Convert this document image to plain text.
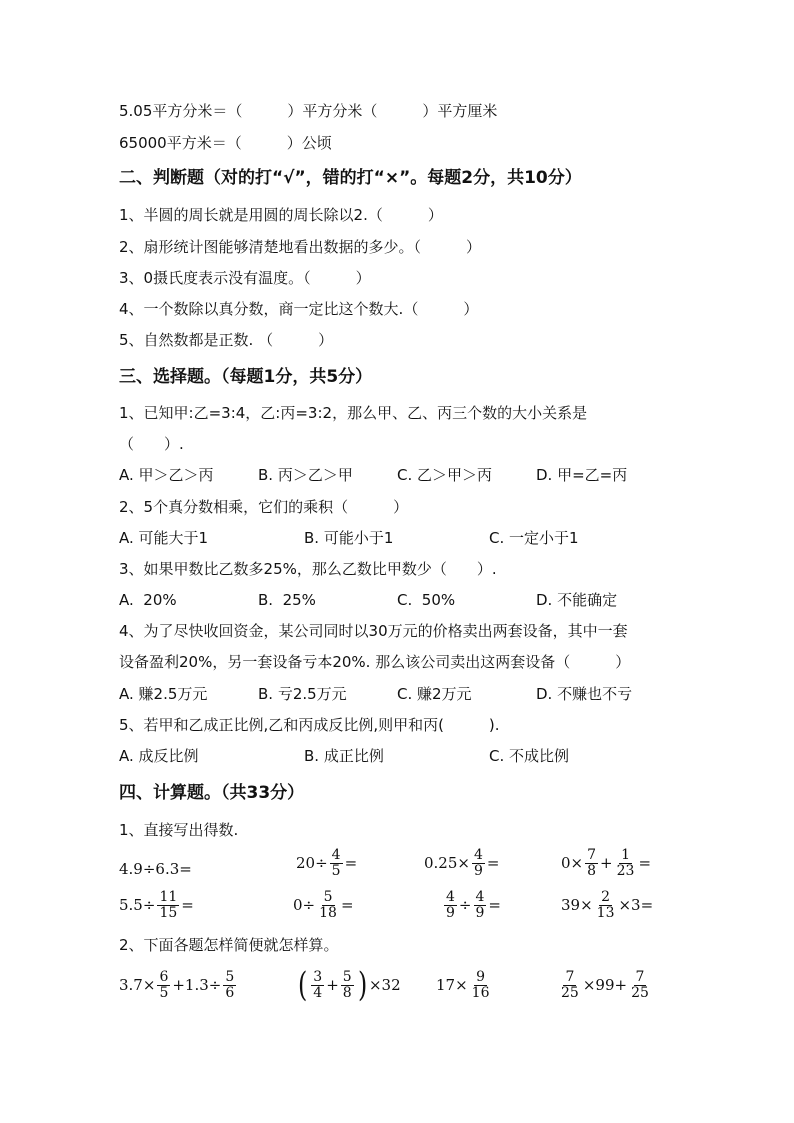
5.05平方分米＝（　　　）平方分米（　　　）平方厘米
65000平方米＝（　　　）公顷
二、判断题（对的打“√”，错的打“×”。每题2分，共10分）
1、半圆的周长就是用圆的周长除以2.（　　　）
2、扇形统计图能够清楚地看出数据的多少。（　　　）
3、0摄氏度表示没有温度。（　　　）
4、一个数除以真分数，商一定比这个数大.（　　　）
5、自然数都是正数. （　　　）
三、选择题。（每题1分，共5分）
1、已知甲:乙=3:4，乙:丙=3:2，那么甲、乙、丙三个数的大小关系是
（　　）.
A. 甲＞乙＞丙	B. 丙＞乙＞甲	C. 乙＞甲＞丙	D. 甲=乙=丙
2、5个真分数相乘，它们的乘积（　　　）
A. 可能大于1	B. 可能小于1	C. 一定小于1
3、如果甲数比乙数多25%，那么乙数比甲数少（　　）.
A.  20%	B.  25%	C.  50%	D. 不能确定
4、为了尽快收回资金，某公司同时以30万元的价格卖出两套设备，其中一套
设备盈利20%，另一套设备亏本20%. 那么该公司卖出这两套设备（　　　）
A. 赚2.5万元	B. 亏2.5万元	C. 赚2万元	D. 不赚也不亏
5、若甲和乙成正比例,乙和丙成反比例,则甲和丙(　　　).
A. 成反比例	B. 成正比例	C. 不成比例
四、计算题。（共33分）
1、直接写出得数.
4.9÷6.3=	$20\div \frac{4}{5}$ =	$0.25\times \frac{4}{9}$ =	$0\times \frac{7}{8} + \frac{1}{23}$ =
$5.5\div \frac{11}{15}$ =	$0\div \frac{5}{18}$ =	$\frac{4}{9} \div \frac{4}{9}$ =	$39\times \frac{2}{13} \times 3=$
2、下面各题怎样简便就怎样算。
$3.7\times \frac{6}{5} +1.3\div \frac{5}{6}$ ( $\frac{3}{4} + \frac{5}{8}$ ) ×32 $17\times \frac{9}{16}$	$\frac{7}{25} \times 99+ \frac{7}{25}$
